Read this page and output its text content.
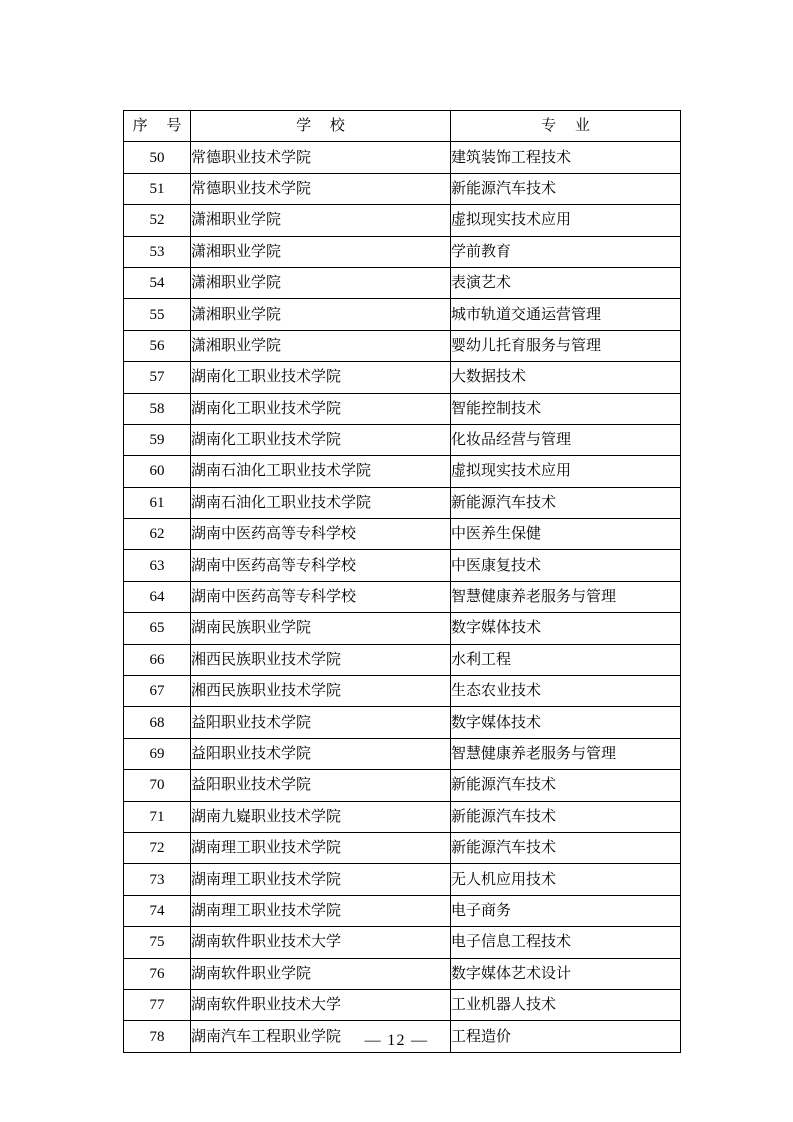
序 号	学 校	专 业
50	常德职业技术学院	建筑装饰工程技术
51	常德职业技术学院	新能源汽车技术
52	潇湘职业学院	虚拟现实技术应用
53	潇湘职业学院	学前教育
54	潇湘职业学院	表演艺术
55	潇湘职业学院	城市轨道交通运营管理
56	潇湘职业学院	婴幼儿托育服务与管理
57	湖南化工职业技术学院	大数据技术
58	湖南化工职业技术学院	智能控制技术
59	湖南化工职业技术学院	化妆品经营与管理
60	湖南石油化工职业技术学院	虚拟现实技术应用
61	湖南石油化工职业技术学院	新能源汽车技术
62	湖南中医药高等专科学校	中医养生保健
63	湖南中医药高等专科学校	中医康复技术
64	湖南中医药高等专科学校	智慧健康养老服务与管理
65	湖南民族职业学院	数字媒体技术
66	湘西民族职业技术学院	水利工程
67	湘西民族职业技术学院	生态农业技术
68	益阳职业技术学院	数字媒体技术
69	益阳职业技术学院	智慧健康养老服务与管理
70	益阳职业技术学院	新能源汽车技术
71	湖南九嶷职业技术学院	新能源汽车技术
72	湖南理工职业技术学院	新能源汽车技术
73	湖南理工职业技术学院	无人机应用技术
74	湖南理工职业技术学院	电子商务
75	湖南软件职业技术大学	电子信息工程技术
76	湖南软件职业学院	数字媒体艺术设计
77	湖南软件职业技术大学	工业机器人技术
78	湖南汽车工程职业学院	工程造价
— 12 —
